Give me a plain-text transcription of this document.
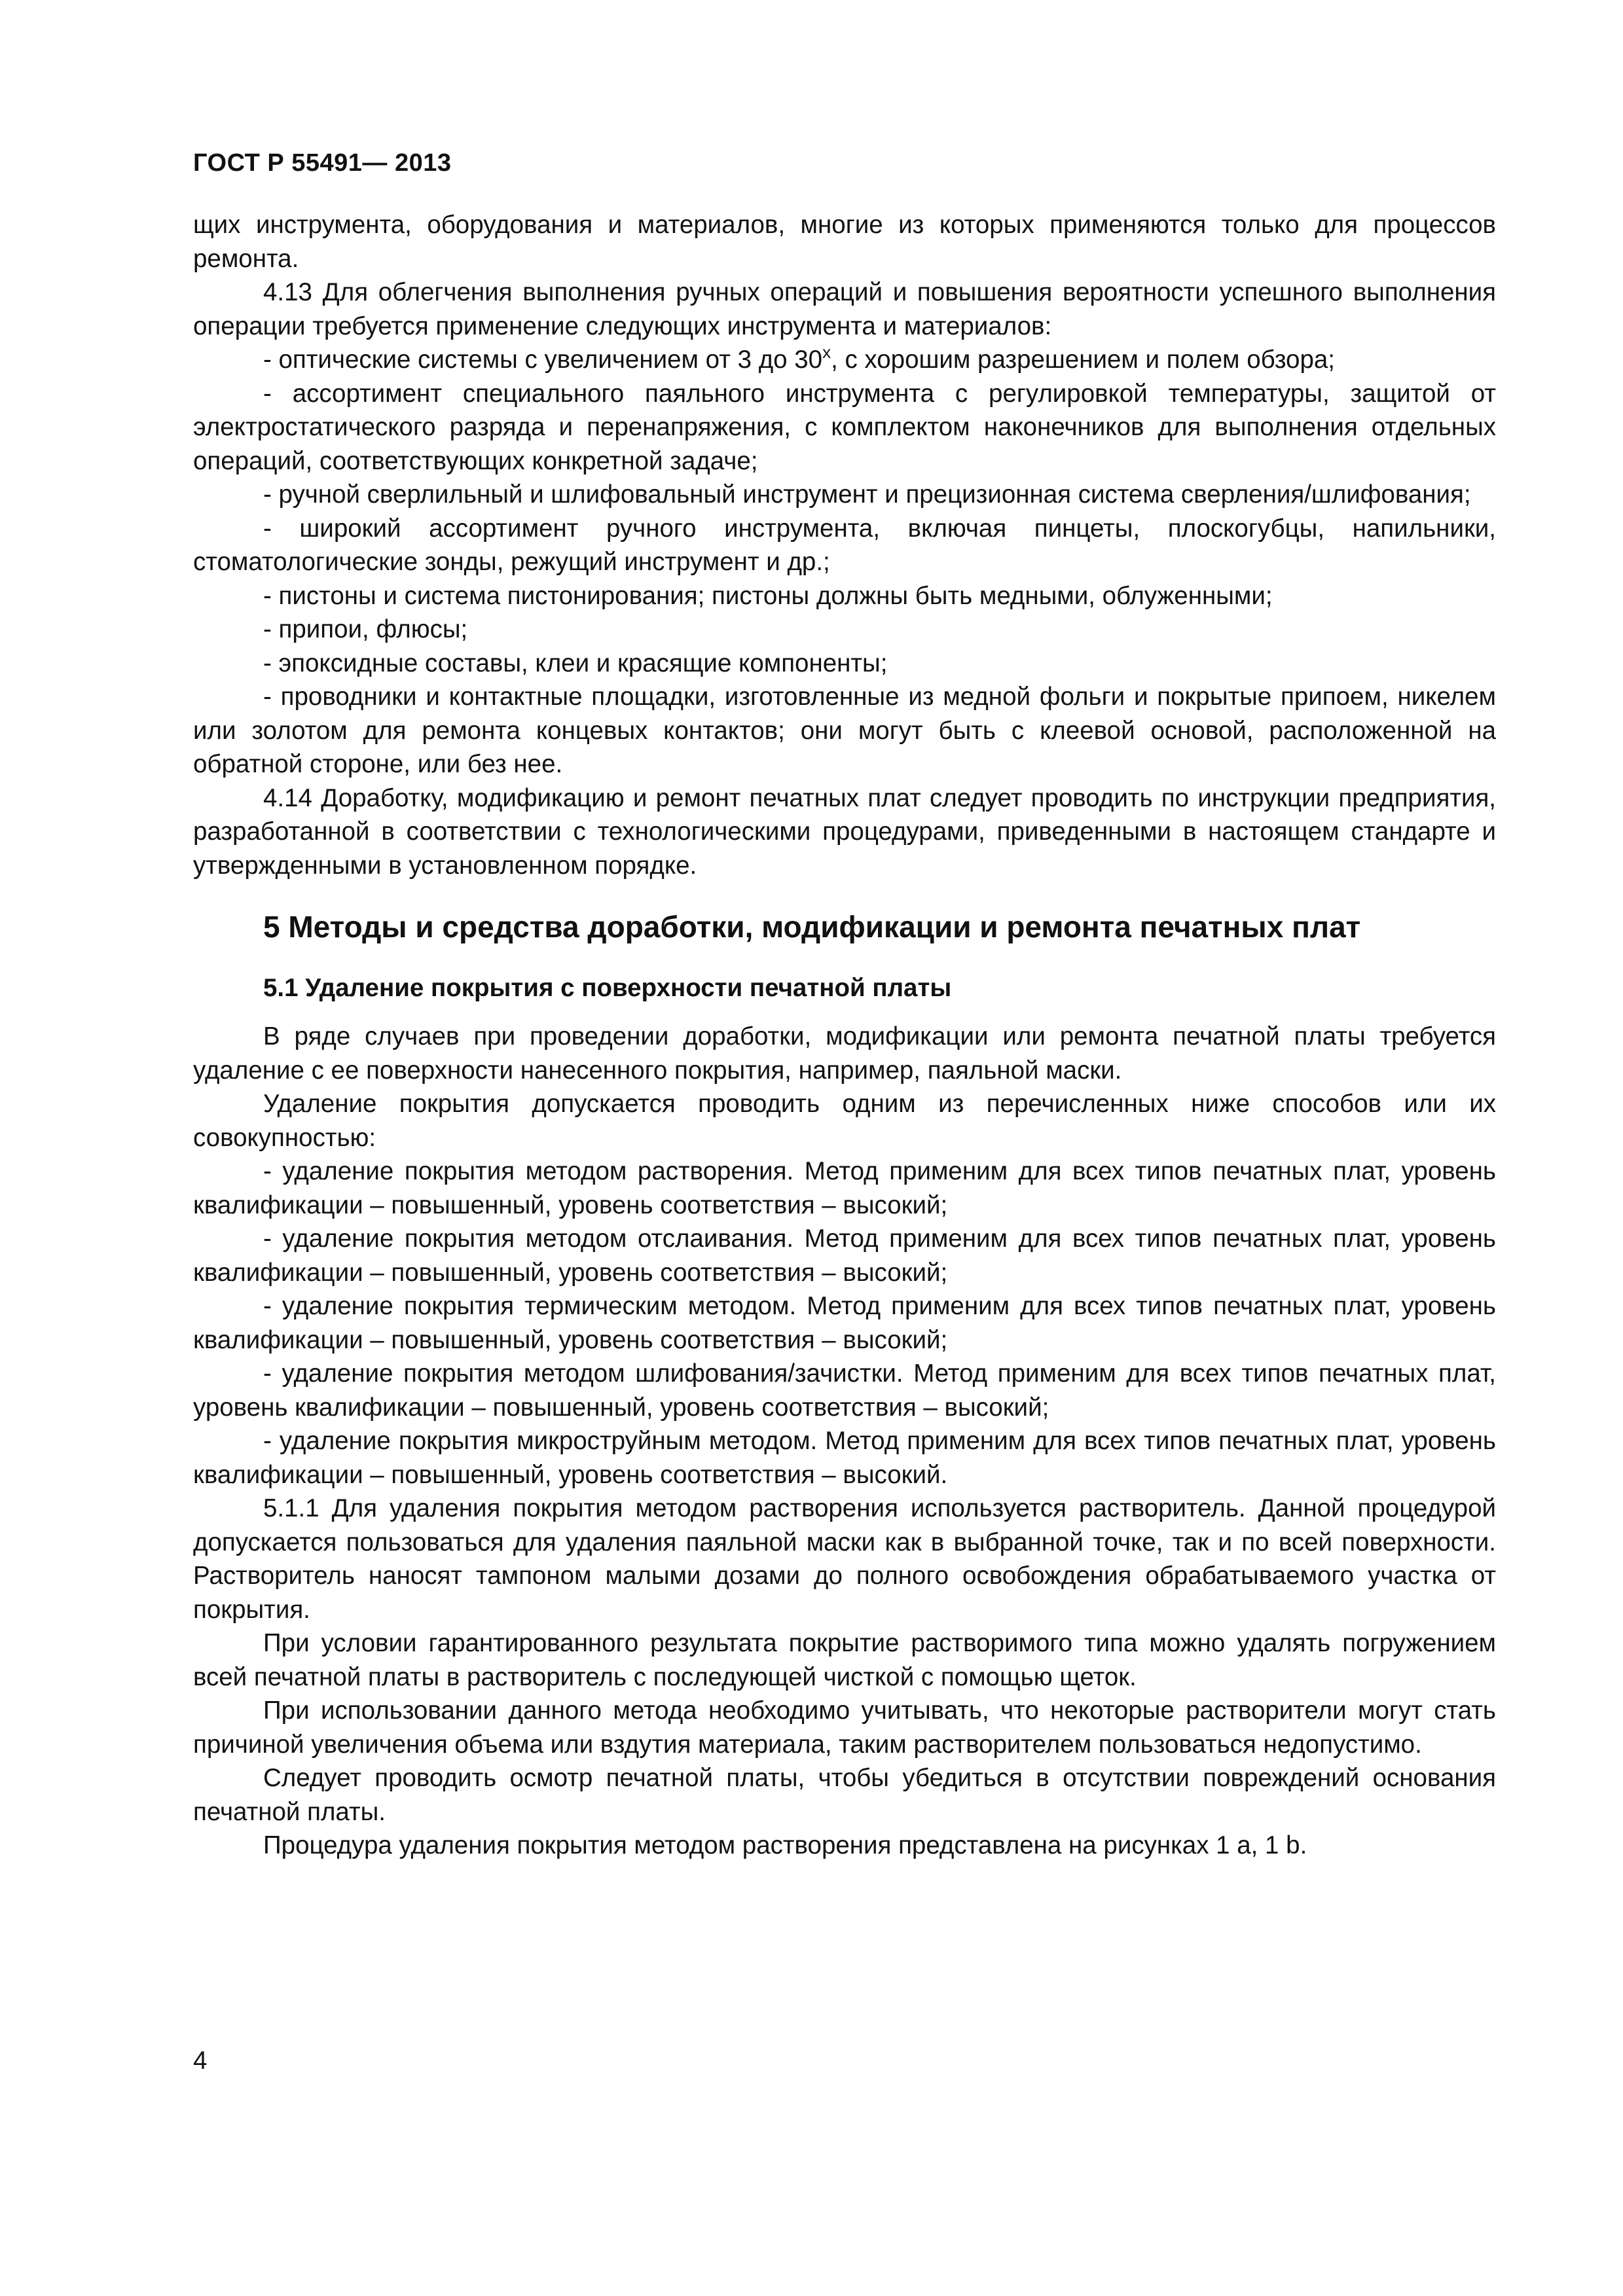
ГОСТ Р 55491— 2013

щих инструмента, оборудования и материалов, многие из которых применяются только для процессов ремонта.

4.13 Для облегчения выполнения ручных операций и повышения вероятности успешного выполнения операции требуется применение следующих инструмента и материалов:

- оптические системы с увеличением от 3 до $30^х$, с хорошим разрешением и полем обзора;

- ассортимент специального паяльного инструмента с регулировкой температуры, защитой от электростатического разряда и перенапряжения, с комплектом наконечников для выполнения отдельных операций, соответствующих конкретной задаче;

- ручной сверлильный и шлифовальный инструмент и прецизионная система сверления/шлифования;

- широкий ассортимент ручного инструмента, включая пинцеты, плоскогубцы, напильники, стоматологические зонды, режущий инструмент и др.;

- пистоны и система пистонирования; пистоны должны быть медными, облуженными;

- припои, флюсы;

- эпоксидные составы, клеи и красящие компоненты;

- проводники и контактные площадки, изготовленные из медной фольги и покрытые припоем, никелем или золотом для ремонта концевых контактов; они могут быть с клеевой основой, расположенной на обратной стороне, или без нее.

4.14 Доработку, модификацию и ремонт печатных плат следует проводить по инструкции предприятия, разработанной в соответствии с технологическими процедурами, приведенными в настоящем стандарте и утвержденными в установленном порядке.

5 Методы и средства доработки, модификации и ремонта печатных плат
5.1 Удаление покрытия с поверхности печатной платы

В ряде случаев при проведении доработки, модификации или ремонта печатной платы требуется удаление с ее поверхности нанесенного покрытия, например, паяльной маски.

Удаление покрытия допускается проводить одним из перечисленных ниже способов или их совокупностью:

- удаление покрытия методом растворения. Метод применим для всех типов печатных плат, уровень квалификации – повышенный, уровень соответствия – высокий;

- удаление покрытия методом отслаивания. Метод применим для всех типов печатных плат, уровень квалификации – повышенный, уровень соответствия – высокий;

- удаление покрытия термическим методом. Метод применим для всех типов печатных плат, уровень квалификации – повышенный, уровень соответствия – высокий;

- удаление покрытия методом шлифования/зачистки. Метод применим для всех типов печатных плат, уровень квалификации – повышенный, уровень соответствия – высокий;

- удаление покрытия микроструйным методом. Метод применим для всех типов печатных плат, уровень квалификации – повышенный, уровень соответствия – высокий.

5.1.1 Для удаления покрытия методом растворения используется растворитель. Данной процедурой допускается пользоваться для удаления паяльной маски как в выбранной точке, так и по всей поверхности. Растворитель наносят тампоном малыми дозами до полного освобождения обрабатываемого участка от покрытия.

При условии гарантированного результата покрытие растворимого типа можно удалять погружением всей печатной платы в растворитель с последующей чисткой с помощью щеток.

При использовании данного метода необходимо учитывать, что некоторые растворители могут стать причиной увеличения объема или вздутия материала, таким растворителем пользоваться недопустимо.

Следует проводить осмотр печатной платы, чтобы убедиться в отсутствии повреждений основания печатной платы.

Процедура удаления покрытия методом растворения представлена на рисунках 1 а, 1 b.

4
